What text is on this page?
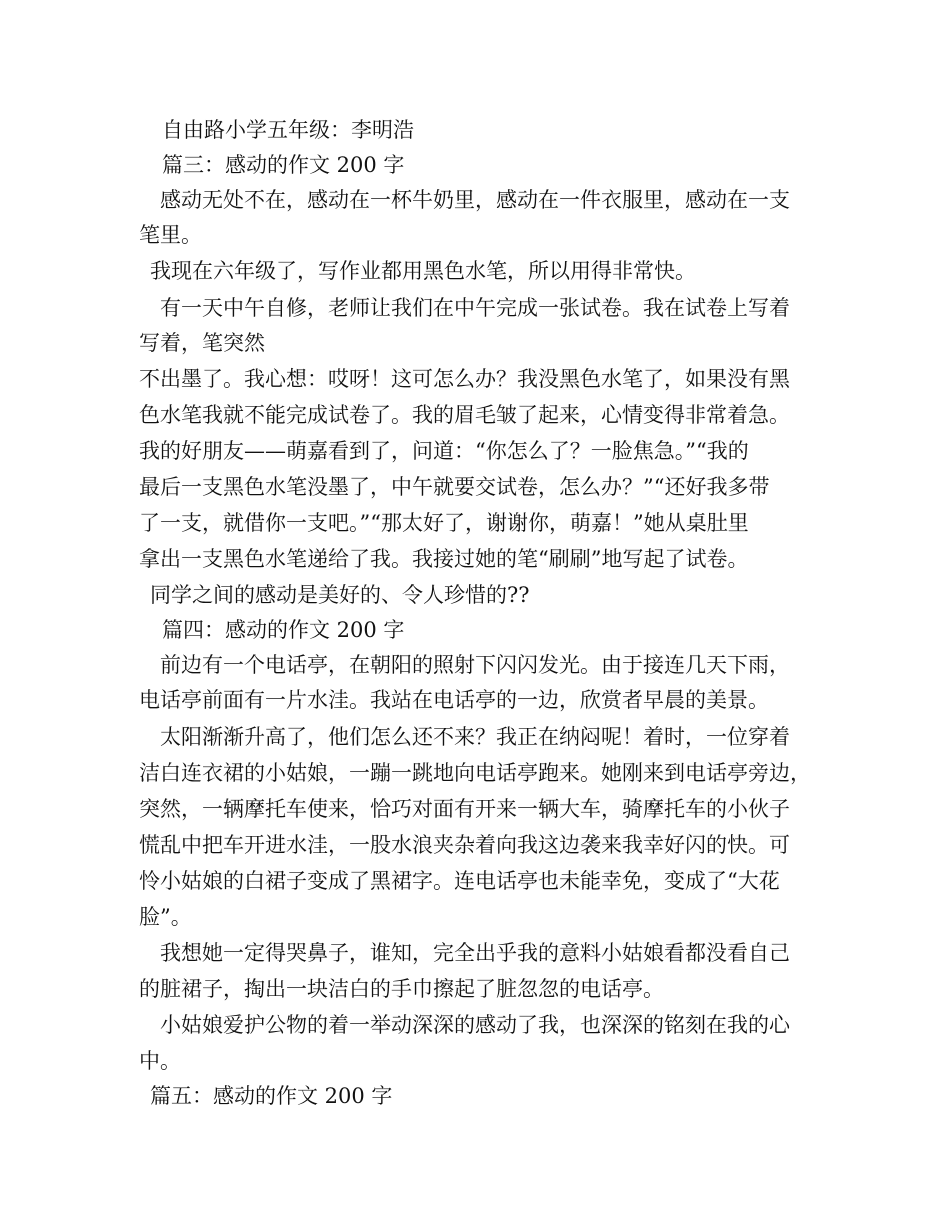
自由路小学五年级：李明浩
篇三：感动的作文 200 字
感动无处不在，感动在一杯牛奶里，感动在一件衣服里，感动在一支
笔里。
我现在六年级了，写作业都用黑色水笔，所以用得非常快。
有一天中午自修，老师让我们在中午完成一张试卷。我在试卷上写着
写着，笔突然
不出墨了。我心想：哎呀！这可怎么办？我没黑色水笔了，如果没有黑
色水笔我就不能完成试卷了。我的眉毛皱了起来，心情变得非常着急。
我的好朋友——萌嘉看到了，问道：“你怎么了？一脸焦急。”“我的
最后一支黑色水笔没墨了，中午就要交试卷，怎么办？”“还好我多带
了一支，就借你一支吧。”“那太好了，谢谢你，萌嘉！”她从桌肚里
拿出一支黑色水笔递给了我。我接过她的笔“刷刷”地写起了试卷。
同学之间的感动是美好的、令人珍惜的??
篇四：感动的作文 200 字
前边有一个电话亭，在朝阳的照射下闪闪发光。由于接连几天下雨，
电话亭前面有一片水洼。我站在电话亭的一边，欣赏者早晨的美景。
太阳渐渐升高了，他们怎么还不来？我正在纳闷呢！着时，一位穿着
洁白连衣裙的小姑娘，一蹦一跳地向电话亭跑来。她刚来到电话亭旁边，
突然，一辆摩托车使来，恰巧对面有开来一辆大车，骑摩托车的小伙子
慌乱中把车开进水洼，一股水浪夹杂着向我这边袭来我幸好闪的快。可
怜小姑娘的白裙子变成了黑裙字。连电话亭也未能幸免，变成了“大花
脸”。
我想她一定得哭鼻子，谁知，完全出乎我的意料小姑娘看都没看自己
的脏裙子，掏出一块洁白的手巾擦起了脏忽忽的电话亭。
小姑娘爱护公物的着一举动深深的感动了我，也深深的铭刻在我的心
中。
篇五：感动的作文 200 字
